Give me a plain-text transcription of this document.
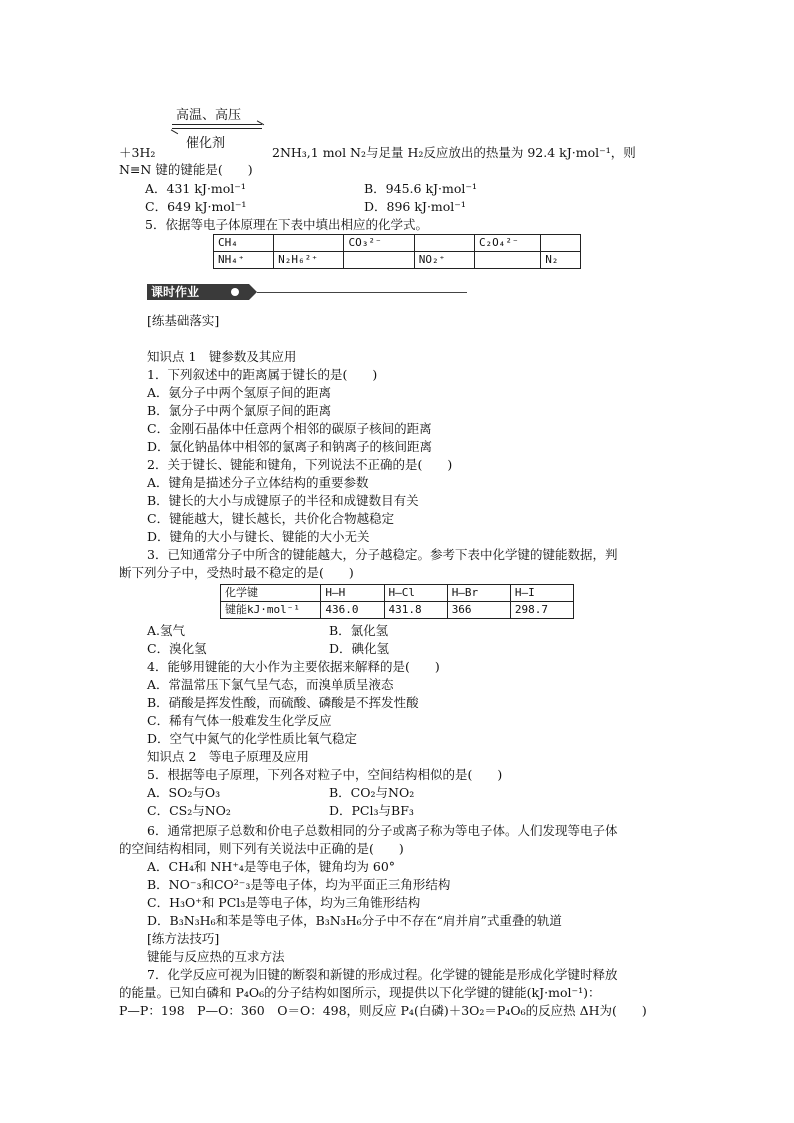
高温、高压
催化剂
＋3H₂	2NH₃,1 mol N₂与足量 H₂反应放出的热量为 92.4 kJ·mol⁻¹，则
N≡N 键的键能是(　　)
A．431 kJ·mol⁻¹	B．945.6 kJ·mol⁻¹
C．649 kJ·mol⁻¹	D．896 kJ·mol⁻¹
5．依据等电子体原理在下表中填出相应的化学式。
CH₄		CO₃²⁻		C₂O₄²⁻	
NH₄⁺	N₂H₆²⁺		NO₂⁺		N₂
课时作业
[练基础落实]
知识点 1　键参数及其应用
1．下列叙述中的距离属于键长的是(　　)
A．氨分子中两个氢原子间的距离
B．氯分子中两个氯原子间的距离
C．金刚石晶体中任意两个相邻的碳原子核间的距离
D．氯化钠晶体中相邻的氯离子和钠离子的核间距离
2．关于键长、键能和键角，下列说法不正确的是(　　)
A．键角是描述分子立体结构的重要参数
B．键长的大小与成键原子的半径和成键数目有关
C．键能越大，键长越长，共价化合物越稳定
D．键角的大小与键长、键能的大小无关
3．已知通常分子中所含的键能越大，分子越稳定。参考下表中化学键的键能数据，判
断下列分子中，受热时最不稳定的是(　　)
化学键	H—H	H—Cl	H—Br	H—I
键能kJ·mol⁻¹	436.0	431.8	366	298.7
A.氢气	B．氯化氢
C．溴化氢	D．碘化氢
4．能够用键能的大小作为主要依据来解释的是(　　)
A．常温常压下氯气呈气态，而溴单质呈液态
B．硝酸是挥发性酸，而硫酸、磷酸是不挥发性酸
C．稀有气体一般难发生化学反应
D．空气中氮气的化学性质比氧气稳定
知识点 2　等电子原理及应用
5．根据等电子原理，下列各对粒子中，空间结构相似的是(　　)
A．SO₂与O₃	B．CO₂与NO₂
C．CS₂与NO₂	D．PCl₃与BF₃
6．通常把原子总数和价电子总数相同的分子或离子称为等电子体。人们发现等电子体
的空间结构相同，则下列有关说法中正确的是(　　)
A．CH₄和 NH⁺₄是等电子体，键角均为 60°
B．NO⁻₃和CO²⁻₃是等电子体，均为平面正三角形结构
C．H₃O⁺和 PCl₃是等电子体，均为三角锥形结构
D．B₃N₃H₆和苯是等电子体，B₃N₃H₆分子中不存在“肩并肩”式重叠的轨道
[练方法技巧]
键能与反应热的互求方法
7．化学反应可视为旧键的断裂和新键的形成过程。化学键的键能是形成化学键时释放
的能量。已知白磷和 P₄O₆的分子结构如图所示，现提供以下化学键的键能(kJ·mol⁻¹)：
P—P：198　P—O：360　O＝O：498，则反应 P₄(白磷)＋3O₂＝P₄O₆的反应热 ΔH为(　　)
